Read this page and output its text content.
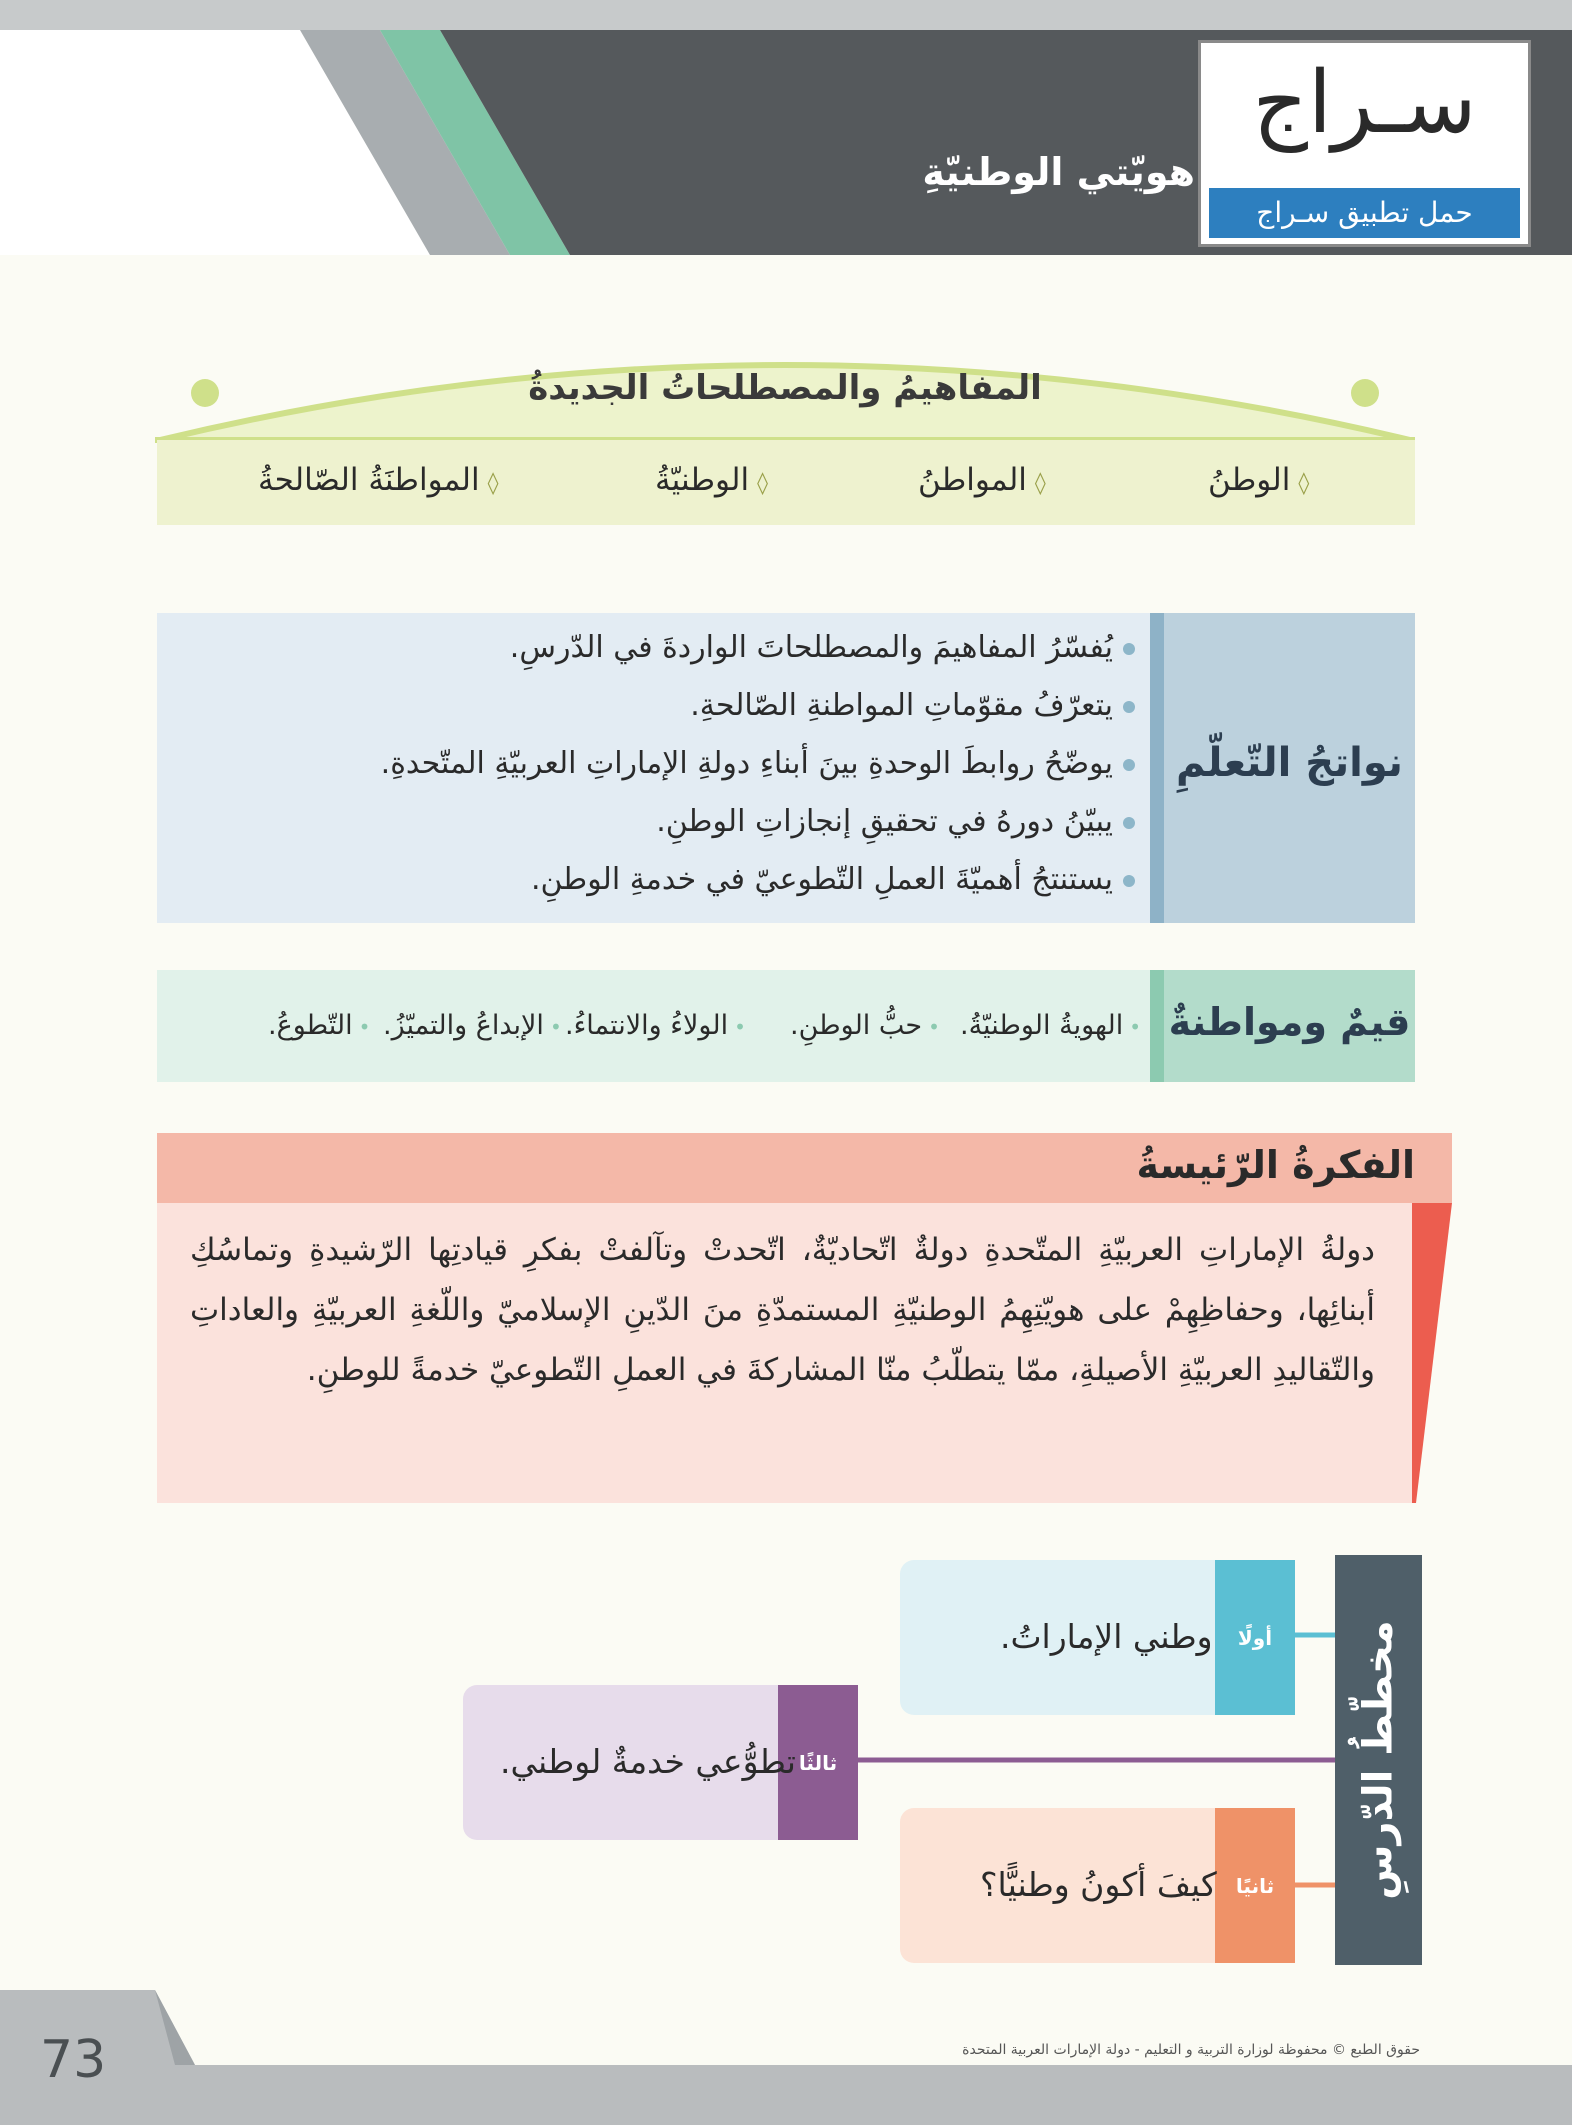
هويّتي الوطنيّةِ
سـراج
حمل تطبيق سـراج
المفاهيمُ والمصطلحاتُ الجديدةُ
◊الوطنُ
◊المواطنُ
◊الوطنيّةُ
◊المواطنَةُ الصّالحةُ
نواتجُ التّعلّمِ
يُفسّرُ المفاهيمَ والمصطلحاتَ الواردةَ في الدّرسِ.
يتعرّفُ مقوّماتِ المواطنةِ الصّالحةِ.
يوضّحُ روابطَ الوحدةِ بينَ أبناءِ دولةِ الإماراتِ العربيّةِ المتّحدةِ.
يبيّنُ دورهُ في تحقيقِ إنجازاتِ الوطنِ.
يستنتجُ أهميّةَ العملِ التّطوعيّ في خدمةِ الوطنِ.
قيمٌ ومواطنةٌ
•الهويةُ الوطنيّةُ.
•حبُّ الوطنِ.
•الولاءُ والانتماءُ.
•الإبداعُ والتميّزُ.
•التّطوعُ.
الفكرةُ الرّئيسةُ
دولةُ الإماراتِ العربيّةِ المتّحدةِ دولةٌ اتّحاديّةٌ، اتّحدتْ وتآلفتْ بفكرِ قيادتِها الرّشيدةِ وتماسُكِ أبنائِها، وحفاظِهِمْ على هويّتِهِمُ الوطنيّةِ المستمدّةِ منَ الدّينِ الإسلاميّ واللّغةِ العربيّةِ والعاداتِ والتّقاليدِ العربيّةِ الأصيلةِ، ممّا يتطلّبُ منّا المشاركةَ في العملِ التّطوعيّ خدمةً للوطنِ.
مخطّطُ الدّرسِ
أولًا
وطني الإماراتُ.
ثالثًا
تطوُّعي خدمةٌ لوطني.
ثانيًا
كيفَ أكونُ وطنيًّا؟
73	حقوق الطبع © محفوظة لوزارة التربية و التعليم - دولة الإمارات العربية المتحدة
